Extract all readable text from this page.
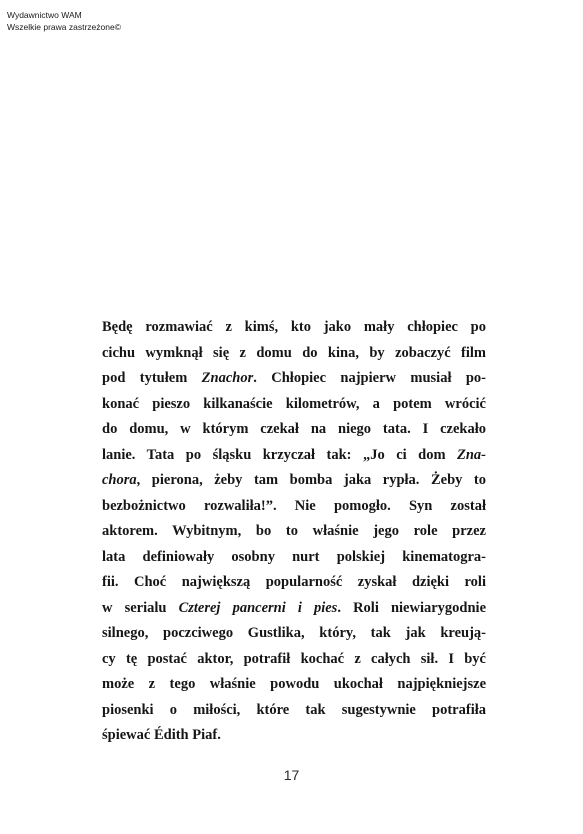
Wydawnictwo WAM
Wszelkie prawa zastrzeżone©
Będę rozmawiać z kimś, kto jako mały chłopiec po
cichu wymknął się z domu do kina, by zobaczyć film
pod tytułem Znachor. Chłopiec najpierw musiał po-
konać pieszo kilkanaście kilometrów, a potem wrócić
do domu, w którym czekał na niego tata. I czekało
lanie. Tata po śląsku krzyczał tak: „Jo ci dom Zna-
chora, pierona, żeby tam bomba jaka rypła. Żeby to
bezbożnictwo rozwaliła!”. Nie pomogło. Syn został
aktorem. Wybitnym, bo to właśnie jego role przez
lata definiowały osobny nurt polskiej kinematogra-
fii. Choć największą popularność zyskał dzięki roli
w serialu Czterej pancerni i pies. Roli niewiarygodnie
silnego, poczciwego Gustlika, który, tak jak kreują-
cy tę postać aktor, potrafił kochać z całych sił. I być
może z tego właśnie powodu ukochał najpiękniejsze
piosenki o miłości, które tak sugestywnie potrafiła
śpiewać Édith Piaf.
17
